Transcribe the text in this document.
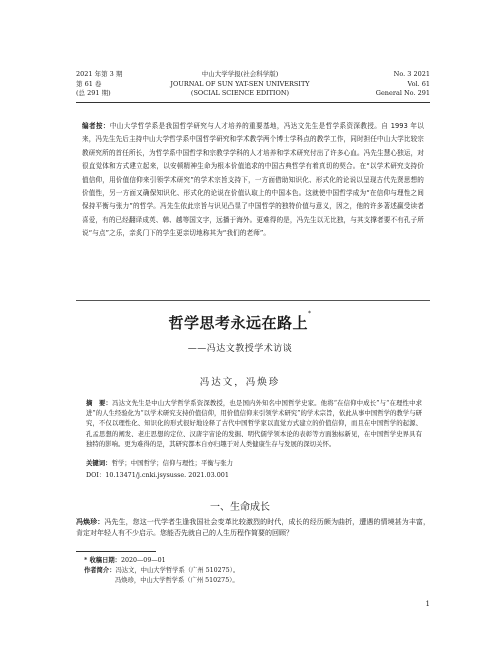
2021 年第 3 期
第 61 卷
(总 291 期)
中山大学学报(社会科学版)
JOURNAL OF SUN YAT-SEN UNIVERSITY
(SOCIAL SCIENCE EDITION)
No. 3 2021
Vol. 61
General No. 291
编者按：中山大学哲学系是我国哲学研究与人才培养的重要基地，冯达文先生是哲学系资深教授。自 1993 年以来，冯先生先后主持中山大学哲学系中国哲学研究和学术教学两个博士学科点的教学工作，同时担任中山大学比较宗教研究所的首任所长，为哲学系中国哲学和宗教学学科的人才培养和学术研究付出了许多心血。冯先生慧心独运，对很直觉体和方式建立起来，以安顿精神生命为根本价值追求的中国古典哲学有着真切的契合。在“以学术研究支持价值信仰，用价值信仰来引领学术研究”的学术宗旨支持下，一方面借助知识化、形式化的论说以呈现古代先贤思想的价值性，另一方面又确保知识化、形式化的论说在价值认取上的中国本色。这就使中国哲学成为“在信仰与理性之间保持平衡与张力”的哲学。冯先生依此宗旨与识见凸显了中国哲学的独特价值与意义，因之，他的许多著述赢受读者喜爱，有的已经翻译成英、韩、越等国文字，远播于海外。更难得的是，冯先生以无比独，与其支撑者要不有孔子所说“与点”之乐，亲炙门下的学生更亲切地称其为“我们的老师”。
哲学思考永远在路上*
——冯达文教授学术访谈
冯达文，冯焕珍
摘　要：冯达文先生是中山大学哲学系资深教授，也是国内外知名中国哲学史家。他将“在信仰中成长”与“在理性中求进”的人生经验化为“以学术研究支持价值信仰，用价值信仰来引领学术研究”的学术宗旨，依此从事中国哲学的教学与研究，不仅以理性化、知识化的形式很好地诠释了古代中国哲学家以直觉方式建立的价值信仰，而且在中国哲学的起源、孔孟思想的阐发、老庄思想的定位、汉唐宇宙论的发掘、明代儒学领本论的表彰等方面独标新见，在中国哲学史界具有独特的影响。更为难得的是，其研究都本自亦归趣于对人类健康生存与发展的深切关怀。
关键词：哲学；中国哲学；信仰与理性；平衡与张力
DOI：10.13471/j.cnki.jsysusse. 2021.03.001
一、生命成长
冯焕珍：冯先生，您这一代学者生逢我国社会变革比较激烈的时代，成长的经历颇为曲折，遭遇的情境甚为丰富，肯定对年轻人有不少启示。您能否先就自己的人生历程作简要的回顾？
* 收稿日期：2020—09—01
作者简介：冯达文，中山大学哲学系（广州 510275）。
冯焕珍，中山大学哲学系（广州 510275）。
1
